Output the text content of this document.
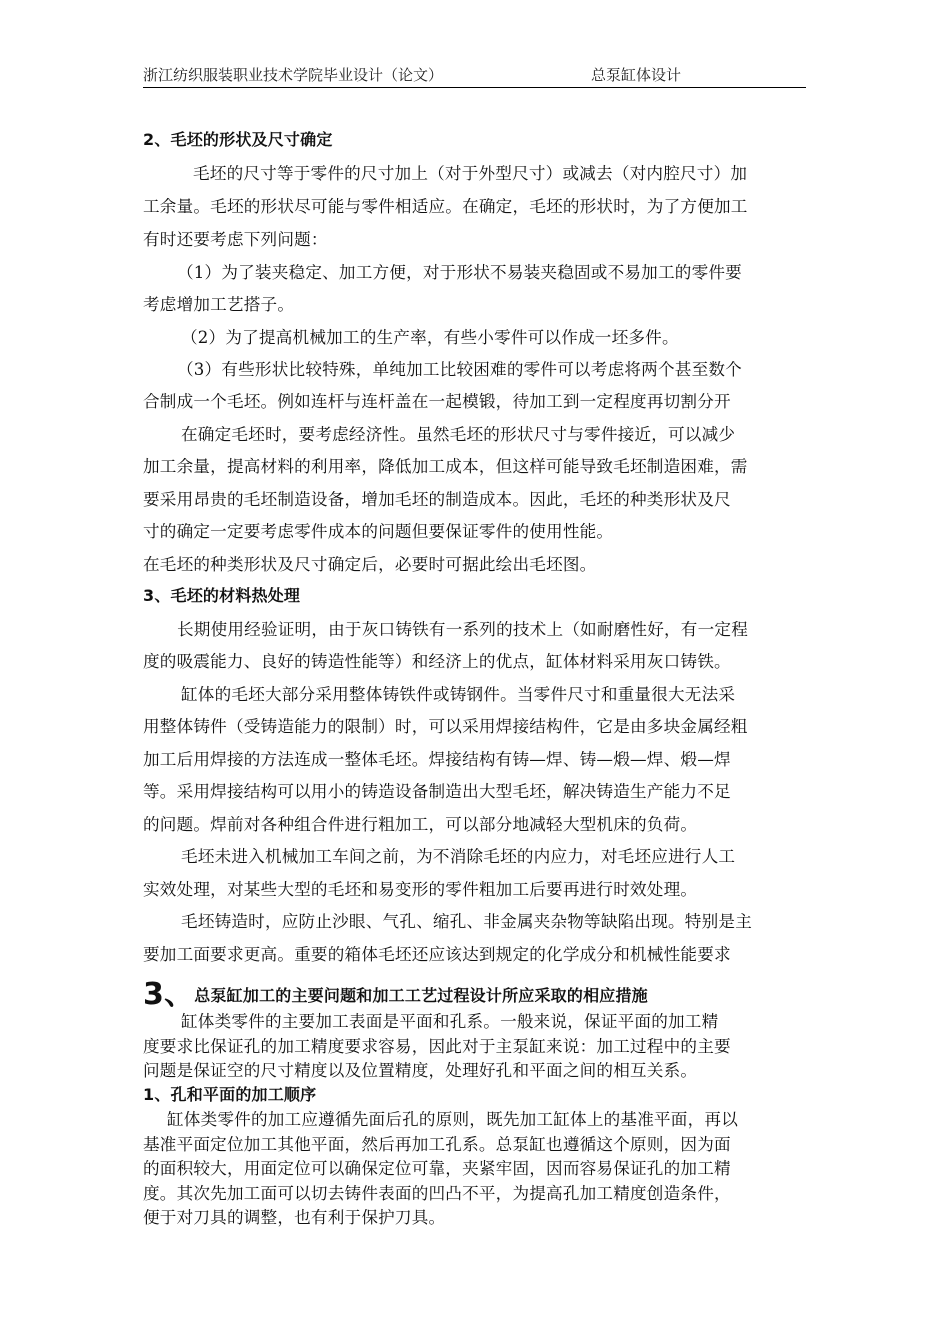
浙江纺织服装职业技术学院毕业设计（论文）	总泵缸体设计
2、毛坯的形状及尺寸确定
毛坯的尺寸等于零件的尺寸加上（对于外型尺寸）或减去（对内腔尺寸）加
工余量。毛坯的形状尽可能与零件相适应。在确定，毛坯的形状时，为了方便加工
有时还要考虑下列问题：
（1）为了装夹稳定、加工方便，对于形状不易装夹稳固或不易加工的零件要
考虑增加工艺搭子。
（2）为了提高机械加工的生产率，有些小零件可以作成一坯多件。
（3）有些形状比较特殊，单纯加工比较困难的零件可以考虑将两个甚至数个
合制成一个毛坯。例如连杆与连杆盖在一起模锻，待加工到一定程度再切割分开
在确定毛坯时，要考虑经济性。虽然毛坯的形状尺寸与零件接近，可以减少
加工余量，提高材料的利用率，降低加工成本，但这样可能导致毛坯制造困难，需
要采用昂贵的毛坯制造设备，增加毛坯的制造成本。因此，毛坯的种类形状及尺
寸的确定一定要考虑零件成本的问题但要保证零件的使用性能。
在毛坯的种类形状及尺寸确定后，必要时可据此绘出毛坯图。
3、毛坯的材料热处理
长期使用经验证明，由于灰口铸铁有一系列的技术上（如耐磨性好，有一定程
度的吸震能力、良好的铸造性能等）和经济上的优点，缸体材料采用灰口铸铁。
缸体的毛坯大部分采用整体铸铁件或铸钢件。当零件尺寸和重量很大无法采
用整体铸件（受铸造能力的限制）时，可以采用焊接结构件，它是由多块金属经粗
加工后用焊接的方法连成一整体毛坯。焊接结构有铸—焊、铸—煅—焊、煅—焊
等。采用焊接结构可以用小的铸造设备制造出大型毛坯，解决铸造生产能力不足
的问题。焊前对各种组合件进行粗加工，可以部分地减轻大型机床的负荷。
毛坯未进入机械加工车间之前，为不消除毛坯的内应力，对毛坯应进行人工
实效处理，对某些大型的毛坯和易变形的零件粗加工后要再进行时效处理。
毛坯铸造时，应防止沙眼、气孔、缩孔、非金属夹杂物等缺陷出现。特别是主
要加工面要求更高。重要的箱体毛坯还应该达到规定的化学成分和机械性能要求
缸体类零件的主要加工表面是平面和孔系。一般来说，保证平面的加工精
度要求比保证孔的加工精度要求容易，因此对于主泵缸来说：加工过程中的主要
问题是保证空的尺寸精度以及位置精度，处理好孔和平面之间的相互关系。
1、孔和平面的加工顺序
缸体类零件的加工应遵循先面后孔的原则，既先加工缸体上的基准平面，再以
基准平面定位加工其他平面，然后再加工孔系。总泵缸也遵循这个原则，因为面
的面积较大，用面定位可以确保定位可靠，夹紧牢固，因而容易保证孔的加工精
度。其次先加工面可以切去铸件表面的凹凸不平，为提高孔加工精度创造条件，
便于对刀具的调整，也有利于保护刀具。
3、总泵缸加工的主要问题和加工工艺过程设计所应采取的相应措施
